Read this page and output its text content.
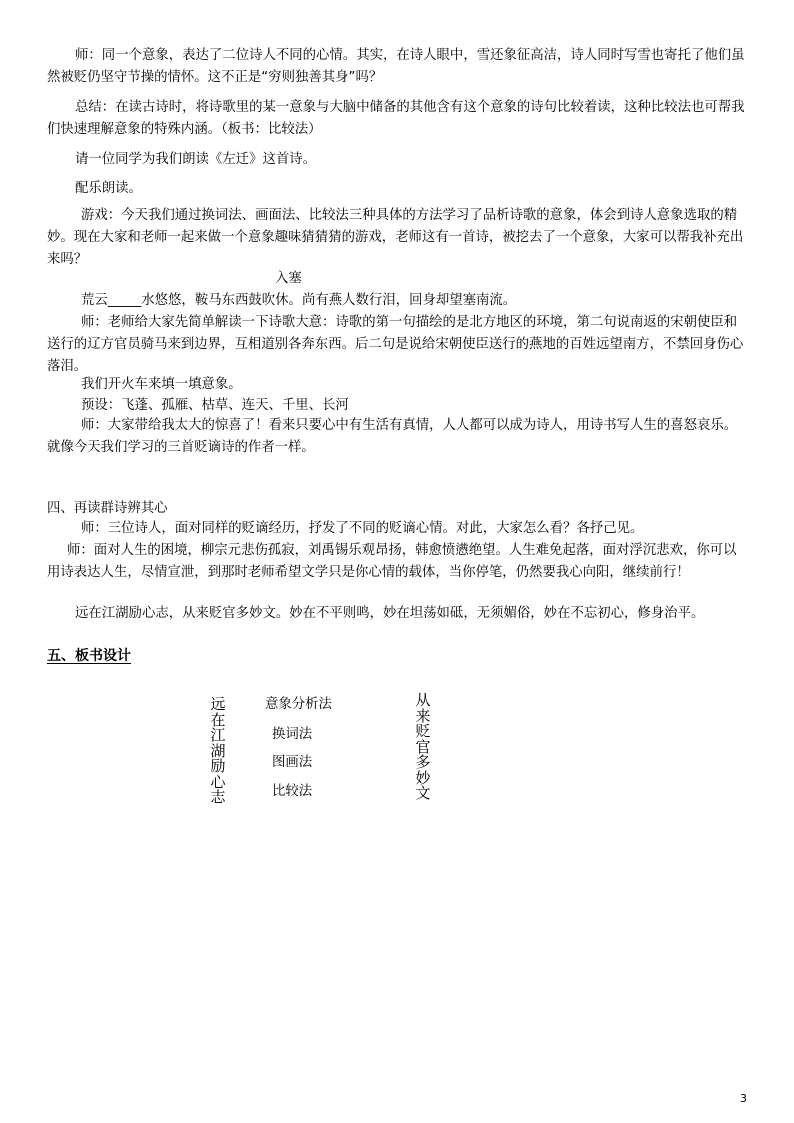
师：同一个意象，表达了二位诗人不同的心情。其实，在诗人眼中，雪还象征高洁，诗人同时写雪也寄托了他们虽然被贬仍坚守节操的情怀。这不正是“穷则独善其身”吗？

总结：在读古诗时，将诗歌里的某一意象与大脑中储备的其他含有这个意象的诗句比较着读，这种比较法也可帮我们快速理解意象的特殊内涵。（板书：比较法）

请一位同学为我们朗读《左迁》这首诗。

配乐朗读。

游戏：今天我们通过换词法、画面法、比较法三种具体的方法学习了品析诗歌的意象，体会到诗人意象选取的精妙。现在大家和老师一起来做一个意象趣味猜猜猜的游戏，老师这有一首诗，被挖去了一个意象，大家可以帮我补充出来吗？

入塞

荒云_____水悠悠，鞍马东西鼓吹休。尚有燕人数行泪，回身却望塞南流。

师：老师给大家先简单解读一下诗歌大意：诗歌的第一句描绘的是北方地区的环境，第二句说南返的宋朝使臣和送行的辽方官员骑马来到边界，互相道别各奔东西。后二句是说给宋朝使臣送行的燕地的百姓远望南方，不禁回身伤心落泪。

我们开火车来填一填意象。

预设：飞蓬、孤雁、枯草、连天、千里、长河

师：大家带给我太大的惊喜了！看来只要心中有生活有真情，人人都可以成为诗人，用诗书写人生的喜怒哀乐。就像今天我们学习的三首贬谪诗的作者一样。

四、再读群诗辨其心

师：三位诗人，面对同样的贬谪经历，抒发了不同的贬谪心情。对此，大家怎么看？各抒己见。

师：面对人生的困境，柳宗元悲伤孤寂，刘禹锡乐观昂扬，韩愈愤懑绝望。人生难免起落，面对浮沉悲欢，你可以用诗表达人生，尽情宣泄，到那时老师希望文学只是你心情的载体，当你停笔，仍然要我心向阳，继续前行！

远在江湖励心志，从来贬官多妙文。妙在不平则鸣，妙在坦荡如砥，无须媚俗，妙在不忘初心，修身治平。

五、板书设计
远
在
江
湖
励
心
志
意象分析法
换词法
图画法
比较法
从
来
贬
官
多
妙
文
3
